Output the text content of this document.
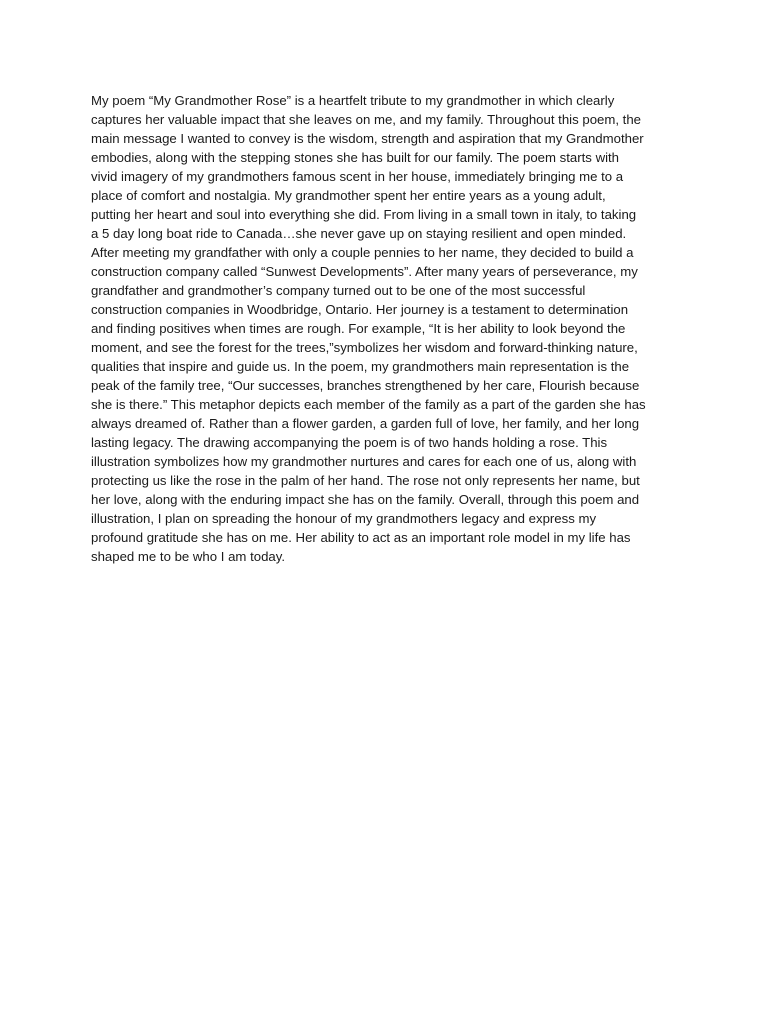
My poem “My Grandmother Rose” is a heartfelt tribute to my grandmother in which clearly
captures her valuable impact that she leaves on me, and my family. Throughout this poem, the
main message I wanted to convey is the wisdom, strength and aspiration that my Grandmother
embodies, along with the stepping stones she has built for our family. The poem starts with
vivid imagery of my grandmothers famous scent in her house, immediately bringing me to a
place of comfort and nostalgia. My grandmother spent her entire years as a young adult,
putting her heart and soul into everything she did. From living in a small town in italy, to taking
a 5 day long boat ride to Canada…she never gave up on staying resilient and open minded.
After meeting my grandfather with only a couple pennies to her name, they decided to build a
construction company called “Sunwest Developments”. After many years of perseverance, my
grandfather and grandmother’s company turned out to be one of the most successful
construction companies in Woodbridge, Ontario. Her journey is a testament to determination
and finding positives when times are rough. For example, “It is her ability to look beyond the
moment, and see the forest for the trees,”symbolizes her wisdom and forward-thinking nature,
qualities that inspire and guide us. In the poem, my grandmothers main representation is the
peak of the family tree, “Our successes, branches strengthened by her care, Flourish because
she is there.” This metaphor depicts each member of the family as a part of the garden she has
always dreamed of. Rather than a flower garden, a garden full of love, her family, and her long
lasting legacy. The drawing accompanying the poem is of two hands holding a rose. This
illustration symbolizes how my grandmother nurtures and cares for each one of us, along with
protecting us like the rose in the palm of her hand. The rose not only represents her name, but
her love, along with the enduring impact she has on the family. Overall, through this poem and
illustration, I plan on spreading the honour of my grandmothers legacy and express my
profound gratitude she has on me. Her ability to act as an important role model in my life has
shaped me to be who I am today.
